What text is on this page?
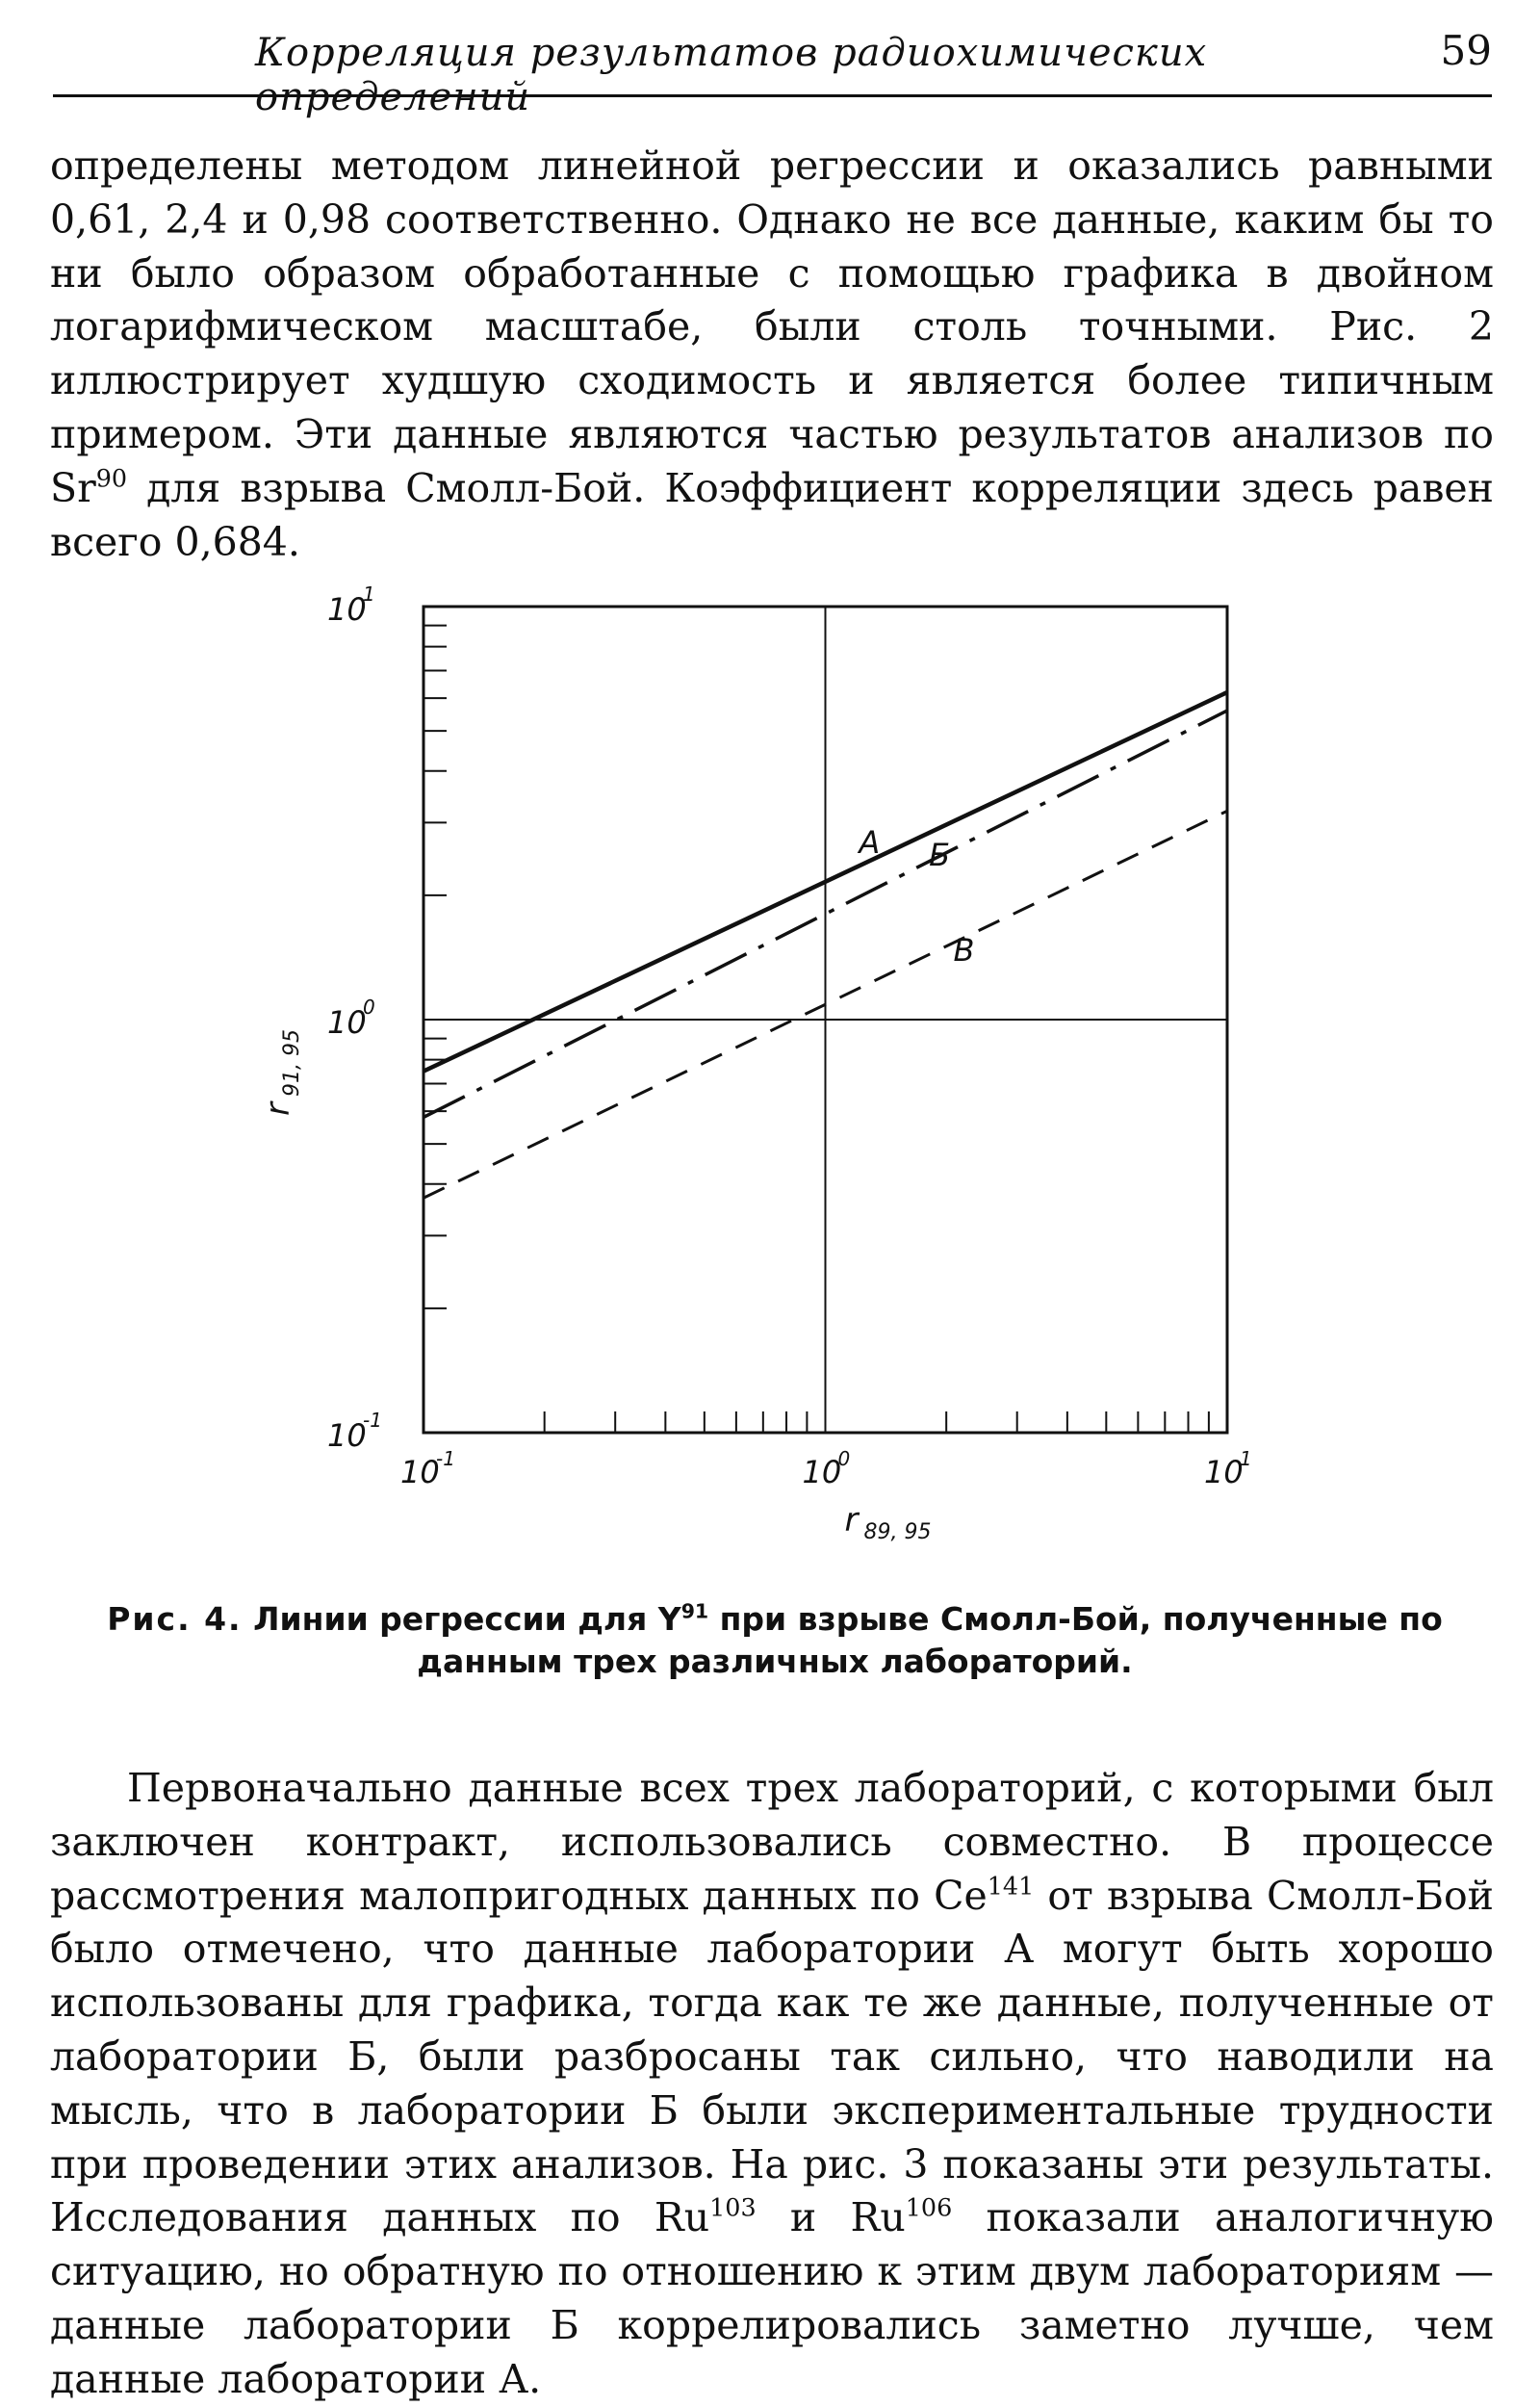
Корреляция результатов радиохимических определений
59

определены методом линейной регрессии и оказались равными 0,61, 2,4 и 0,98 соответственно. Однако не все данные, каким бы то ни было образом обработанные с помощью графика в двойном логарифмическом масштабе, были столь точными. Рис. 2 иллюстрирует худшую сходимость и является более типичным примером. Эти данные являются частью результатов анализов по Sr$^{90}$ для взрыва Смолл-Бой. Коэффициент корреляции здесь равен всего 0,684.

10
-1	10
0	10
1
10
-1
10
0
10
1
r 89, 95
r
91, 95
А Б
В
Рис. 4. Линии регрессии для $Y^{91}$ при взрыве Смолл-Бой, полученные по данным трех различных лабораторий.

Первоначально данные всех трех лабораторий, с которыми был заключен контракт, использовались совместно. В процессе рассмотрения малопригодных данных по Ce$^{141}$ от взрыва Смолл-Бой было отмечено, что данные лаборатории А могут быть хорошо использованы для графика, тогда как те же данные, полученные от лаборатории Б, были разбросаны так сильно, что наводили на мысль, что в лаборатории Б были экспериментальные трудности при проведении этих анализов. На рис. 3 показаны эти результаты. Исследования данных по Ru$^{103}$ и Ru$^{106}$ показали аналогичную ситуацию, но обратную по отношению к этим двум лабораториям — данные лаборатории Б коррелировались заметно лучше, чем данные лаборатории А.
